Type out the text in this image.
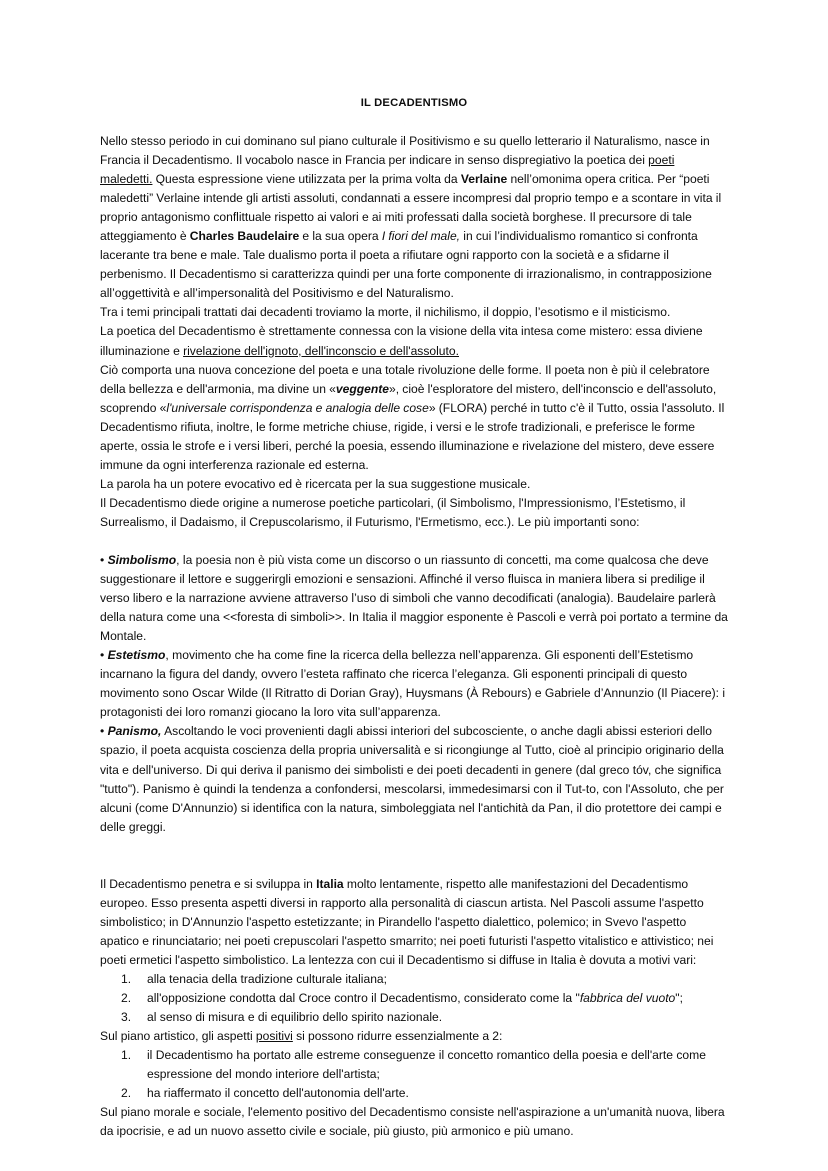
IL DECADENTISMO

Nello stesso periodo in cui dominano sul piano culturale il Positivismo e su quello letterario il Naturalismo, nasce in Francia il Decadentismo. Il vocabolo nasce in Francia per indicare in senso dispregiativo la poetica dei poeti maledetti. Questa espressione viene utilizzata per la prima volta da Verlaine nell’omonima opera critica. Per “poeti maledetti” Verlaine intende gli artisti assoluti, condannati a essere incompresi dal proprio tempo e a scontare in vita il proprio antagonismo conflittuale rispetto ai valori e ai miti professati dalla società borghese. Il precursore di tale atteggiamento è Charles Baudelaire e la sua opera I fiori del male, in cui l’individualismo romantico si confronta lacerante tra bene e male. Tale dualismo porta il poeta a rifiutare ogni rapporto con la società e a sfidarne il perbenismo. Il Decadentismo si caratterizza quindi per una forte componente di irrazionalismo, in contrapposizione all’oggettività e all’impersonalità del Positivismo e del Naturalismo.

Tra i temi principali trattati dai decadenti troviamo la morte, il nichilismo, il doppio, l’esotismo e il misticismo.

La poetica del Decadentismo è strettamente connessa con la visione della vita intesa come mistero: essa diviene illuminazione e rivelazione dell'ignoto, dell'inconscio e dell'assoluto.

Ciò comporta una nuova concezione del poeta e una totale rivoluzione delle forme. Il poeta non è più il celebratore della bellezza e dell'armonia, ma divine un «veggente», cioè l'esploratore del mistero, dell'inconscio e dell'assoluto, scoprendo «l'universale corrispondenza e analogia delle cose» (FLORA) perché in tutto c'è il Tutto, ossia l'assoluto. Il Decadentismo rifiuta, inoltre, le forme metriche chiuse, rigide, i versi e le strofe tradizionali, e preferisce le forme aperte, ossia le strofe e i versi liberi, perché la poesia, essendo illuminazione e rivelazione del mistero, deve essere immune da ogni interferenza razionale ed esterna.

La parola ha un potere evocativo ed è ricercata per la sua suggestione musicale.

Il Decadentismo diede origine a numerose poetiche particolari, (il Simbolismo, l'Impressionismo, l’Estetismo, il Surrealismo, il Dadaismo, il Crepuscolarismo, il Futurismo, l'Ermetismo, ecc.). Le più importanti sono:

• Simbolismo, la poesia non è più vista come un discorso o un riassunto di concetti, ma come qualcosa che deve suggestionare il lettore e suggerirgli emozioni e sensazioni. Affinché il verso fluisca in maniera libera si predilige il verso libero e la narrazione avviene attraverso l’uso di simboli che vanno decodificati (analogia). Baudelaire parlerà della natura come una <<foresta di simboli>>. In Italia il maggior esponente è Pascoli e verrà poi portato a termine da Montale.

• Estetismo, movimento che ha come fine la ricerca della bellezza nell’apparenza. Gli esponenti dell’Estetismo incarnano la figura del dandy, ovvero l’esteta raffinato che ricerca l’eleganza. Gli esponenti principali di questo movimento sono Oscar Wilde (Il Ritratto di Dorian Gray), Huysmans (À Rebours) e Gabriele d’Annunzio (Il Piacere): i protagonisti dei loro romanzi giocano la loro vita sull’apparenza.

• Panismo, Ascoltando le voci provenienti dagli abissi interiori del subcosciente, o anche dagli abissi esteriori dello spazio, il poeta acquista coscienza della propria universalità e si ricongiunge al Tutto, cioè al principio originario della vita e dell'universo. Di qui deriva il panismo dei simbolisti e dei poeti decadenti in genere (dal greco tóv, che significa "tutto"). Panismo è quindi la tendenza a confondersi, mescolarsi, immedesimarsi con il Tut-to, con l'Assoluto, che per alcuni (come D'Annunzio) si identifica con la natura, simboleggiata nel l'antichità da Pan, il dio protettore dei campi e delle greggi.

Il Decadentismo penetra e si sviluppa in Italia molto lentamente, rispetto alle manifestazioni del Decadentismo europeo. Esso presenta aspetti diversi in rapporto alla personalità di ciascun artista. Nel Pascoli assume l'aspetto simbolistico; in D'Annunzio l'aspetto estetizzante; in Pirandello l'aspetto dialettico, polemico; in Svevo l'aspetto apatico e rinunciatario; nei poeti crepuscolari l'aspetto smarrito; nei poeti futuristi l'aspetto vitalistico e attivistico; nei poeti ermetici l'aspetto simbolistico. La lentezza con cui il Decadentismo si diffuse in Italia è dovuta a motivi vari:

1.	alla tenacia della tradizione culturale italiana;
2.	all'opposizione condotta dal Croce contro il Decadentismo, considerato come la "fabbrica del vuoto";
3.	al senso di misura e di equilibrio dello spirito nazionale.

Sul piano artistico, gli aspetti positivi si possono ridurre essenzialmente a 2:

1.	il Decadentismo ha portato alle estreme conseguenze il concetto romantico della poesia e dell'arte come espressione del mondo interiore dell'artista;
2.	ha riaffermato il concetto dell'autonomia dell'arte.

Sul piano morale e sociale, l'elemento positivo del Decadentismo consiste nell'aspirazione a un'umanità nuova, libera da ipocrisie, e ad un nuovo assetto civile e sociale, più giusto, più armonico e più umano.
